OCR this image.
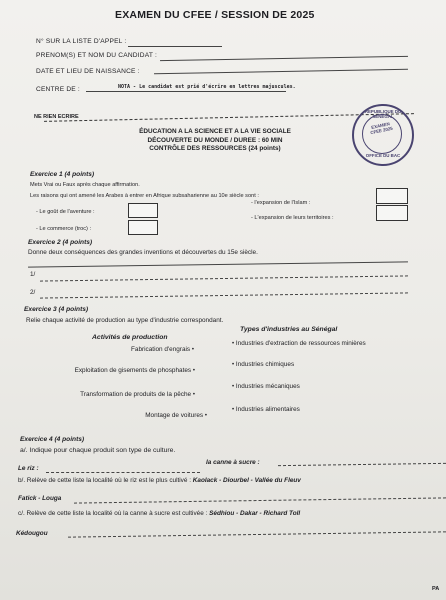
EXAMEN DU CFEE / SESSION DE 2025
N° SUR LA LISTE D'APPEL :
PRENOM(S) ET NOM DU CANDIDAT :
DATE ET LIEU DE NAISSANCE :
CENTRE DE :	NOTA - Le candidat est prié d'écrire en lettres majuscules.
NE RIEN ECRIRE
ÉDUCATION A LA SCIENCE ET A LA VIE SOCIALE
DÉCOUVERTE DU MONDE / DUREE : 60 MIN
CONTRÔLE DES RESSOURCES (24 points)
REPUBLIQUE DU SENEGAL
EXAMEN CFEE 2025
OFFICE DU BAC
Exercice 1 (4 points)
Mets Vrai ou Faux après chaque affirmation.
Les raisons qui ont amené les Arabes à entrer en Afrique subsaharienne au 10e siècle sont :
- Le goût de l'aventure :
- Le commerce (troc) :
- l'expansion de l'Islam :
- L'expansion de leurs territoires :
Exercice 2 (4 points)
Donne deux conséquences des grandes inventions et découvertes du 15e siècle.
1/
2/
Exercice 3 (4 points)
Relie chaque activité de production au type d'industrie correspondant.
Activités de production
Types d'industries au Sénégal
Fabrication d'engrais •
Exploitation de gisements de phosphates •
Transformation de produits de la pêche •
Montage de voitures •
• Industries d'extraction de ressources minières
• Industries chimiques
• Industries mécaniques
• Industries alimentaires
Exercice 4 (4 points)
a/. Indique pour chaque produit son type de culture.
Le riz :
la canne à sucre :
b/. Relève de cette liste la localité où le riz est le plus cultivé : Kaolack - Diourbel - Vallée du Fleuv
Fatick - Louga
c/. Relève de cette liste la localité où la canne à sucre est cultivée : Sédhiou - Dakar - Richard Toll
Kédougou
PA
